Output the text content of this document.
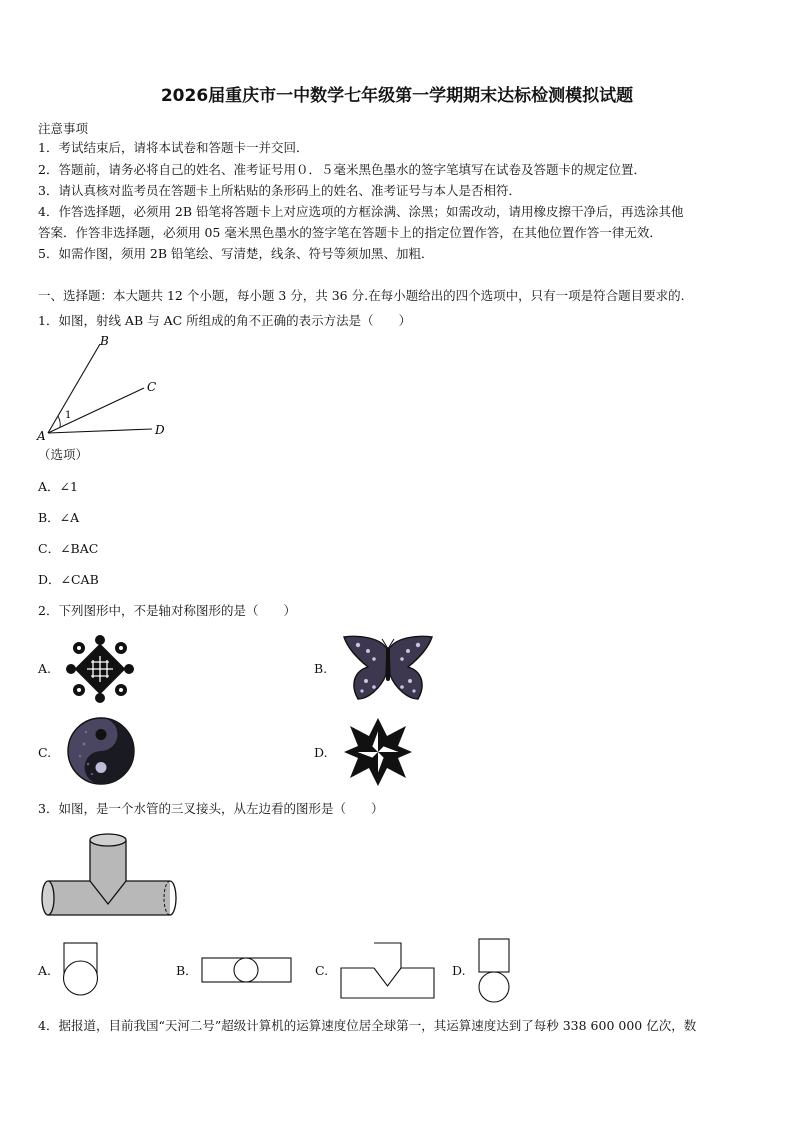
2026届重庆市一中数学七年级第一学期期末达标检测模拟试题
注意事项
1．考试结束后，请将本试卷和答题卡一并交回．
2．答题前，请务必将自己的姓名、准考证号用０．５毫米黑色墨水的签字笔填写在试卷及答题卡的规定位置．
3．请认真核对监考员在答题卡上所粘贴的条形码上的姓名、准考证号与本人是否相符．
4．作答选择题，必须用 2B 铅笔将答题卡上对应选项的方框涂满、涂黑；如需改动，请用橡皮擦干净后，再选涂其他
答案．作答非选择题，必须用 05 毫米黑色墨水的签字笔在答题卡上的指定位置作答，在其他位置作答一律无效．
5．如需作图，须用 2B 铅笔绘、写清楚，线条、符号等须加黑、加粗．
一、选择题：本大题共 12 个小题，每小题 3 分，共 36 分.在每小题给出的四个选项中，只有一项是符合题目要求的.
1．如图，射线 AB 与 AC 所组成的角不正确的表示方法是（　　）
A
B
C
D
1
（选项）
A．∠1
B．∠A
C．∠BAC
D．∠CAB
2．下列图形中，不是轴对称图形的是（　　）
A.	B.
C.	D.
3．如图，是一个水管的三叉接头，从左边看的图形是（　　）
A.	B．	C.	D.
4．据报道，目前我国“天河二号”超级计算机的运算速度位居全球第一，其运算速度达到了每秒 338 600 000 亿次，数
